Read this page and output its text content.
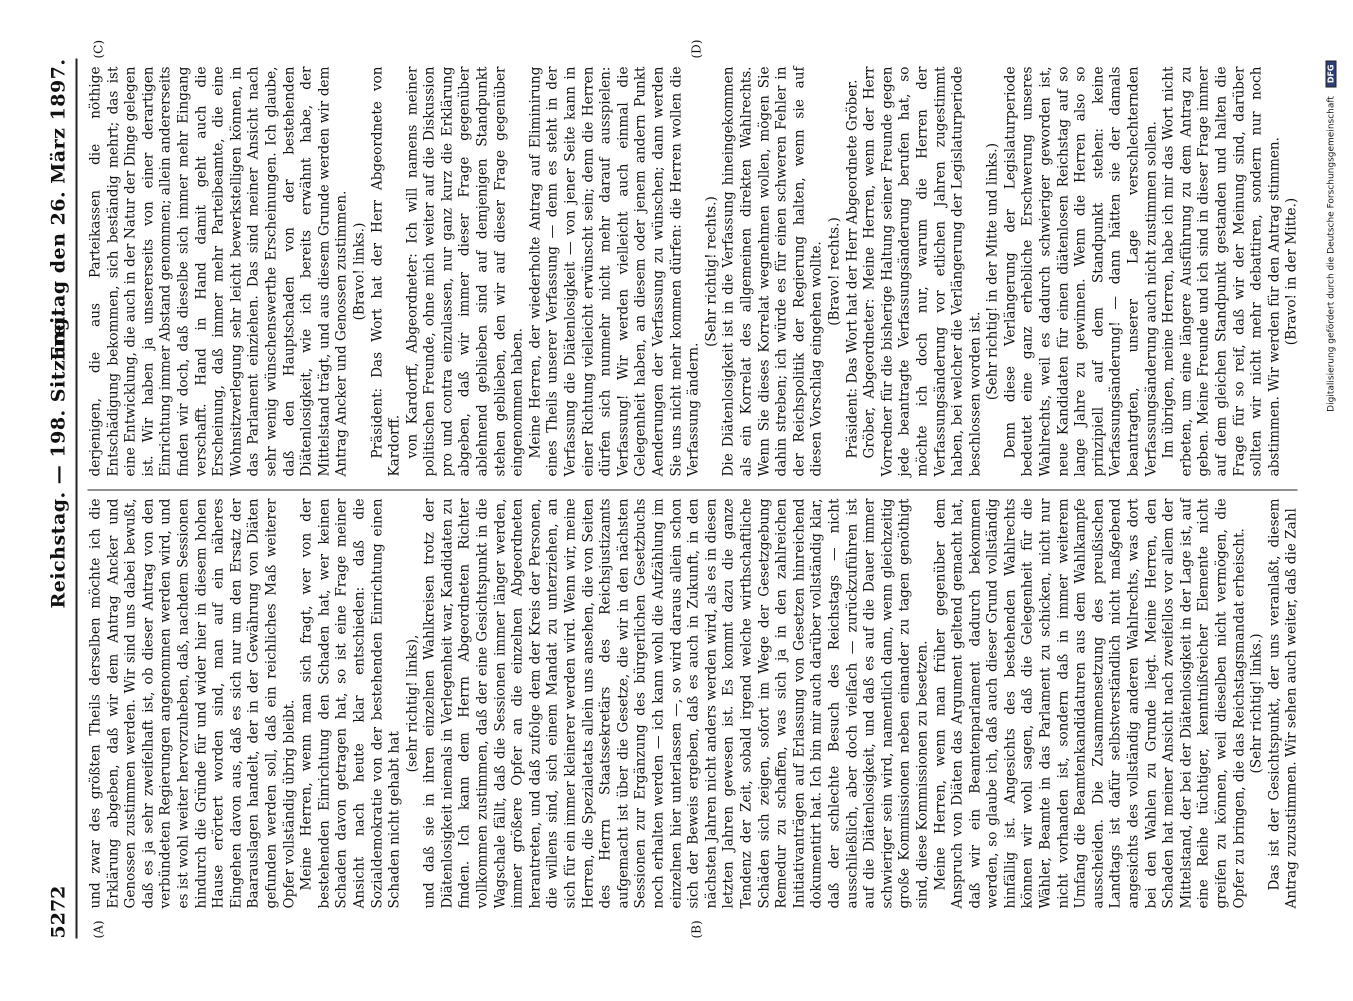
5272
Reichstag. — 198. Sitzung.
Freitag den 26. März 1897.
(A)	(B)
(C)	(D)

und zwar des größten Theils derselben möchte ich die Erklärung abgeben, daß wir dem Antrag Ancker und Genossen zustimmen werden. Wir sind uns dabei bewußt, daß es ja sehr zweifelhaft ist, ob dieser Antrag von den verbündeten Regierungen angenommen werden wird, und es ist wohl weiter hervorzuheben, daß, nachdem Sessionen hindurch die Gründe für und wider hier in diesem hohen Hause erörtert worden sind, man auf ein näheres Eingehen davon aus, daß es sich nur um den Ersatz der Baarauslagen handelt, der in der Gewährung von Diäten gefunden werden soll, daß ein reichliches Maß weiterer Opfer vollständig übrig bleibt. Meine Herren, wenn man sich fragt, wer von der bestehenden Einrichtung den Schaden hat, wer keinen Schaden davon getragen hat, so ist eine Frage meiner Ansicht nach heute klar entschieden: daß die Sozialdemokratie von der bestehenden Einrichtung einen Schaden nicht gehabt hat

(sehr richtig! links), und daß sie in ihren einzelnen Wahlkreisen trotz der Diätenlosigkeit niemals in Verlegenheit war, Kandidaten zu finden. Ich kann dem Herrn Abgeordneten Richter vollkommen zustimmen, daß der eine Gesichtspunkt in die Wagschale fällt, daß die Sessionen immer länger werden, immer größere Opfer an die einzelnen Abgeordneten herantreten, und daß zufolge dem der Kreis der Personen, die willens sind, sich einem Mandat zu unterziehen, an sich für ein immer kleinerer werden wird. Wenn wir, meine Herren, die Spezialetats allein uns ansehen, die von Seiten des Herrn Staatssekretärs des Reichsjustizamts aufgemacht ist über die Gesetze, die wir in den nächsten Sessionen zur Ergänzung des bürgerlichen Gesetzbuchs noch erhalten werden — ich kann wohl die Aufzählung im einzelnen hier unterlassen —, so wird daraus allein schon sich der Beweis ergeben, daß es auch in Zukunft, in den nächsten Jahren nicht anders werden wird, als es in diesen letzten Jahren gewesen ist. Es kommt dazu die ganze Tendenz der Zeit, sobald irgend welche wirthschaftliche Schäden sich zeigen, sofort im Wege der Gesetzgebung Remedur zu schaffen, was sich ja in den zahlreichen Initiativanträgen auf Erlassung von Gesetzen hinreichend dokumentirt hat. Ich bin mir auch darüber vollständig klar, daß der schlechte Besuch des Reichstags — nicht ausschließlich, aber doch vielfach — zurückzuführen ist auf die Diätenlosigkeit, und daß es auf die Dauer immer schwieriger sein wird, namentlich dann, wenn gleichzeitig große Kommissionen neben einander zu tagen genöthigt sind, diese Kommissionen zu besetzen. Meine Herren, wenn man früher gegenüber dem Anspruch von Diäten das Argument geltend gemacht hat, daß wir ein Beamtenparlament dadurch bekommen werden, so glaube ich, daß auch dieser Grund vollständig hinfällig ist. Angesichts des bestehenden Wahlrechts können wir wohl sagen, daß die Gelegenheit für die Wähler, Beamte in das Parlament zu schicken, nicht nur nicht vorhanden ist, sondern daß in immer weiterem Umfang die Beamtenkandidaturen aus dem Wahlkampfe ausscheiden. Die Zusammensetzung des preußischen Landtags ist dafür selbstverständlich nicht maßgebend angesichts des vollständig anderen Wahlrechts, was dort bei den Wahlen zu Grunde liegt. Meine Herren, den Schaden hat meiner Ansicht nach zweifellos vor allem der Mittelstand, der bei der Diätenlosigkeit in der Lage ist, auf eine Reihe tüchtiger, kenntnißreicher Elemente nicht greifen zu können, weil dieselben nicht vermögen, die Opfer zu bringen, die das Reichstagsmandat erheischt. (Sehr richtig! links.) Das ist der Gesichtspunkt, der uns veranlaßt, diesem Antrag zuzustimmen. Wir sehen auch weiter, daß die Zahl

derjenigen, die aus Parteikassen die nöthige Entschädigung bekommen, sich beständig mehrt; das ist eine Entwicklung, die auch in der Natur der Dinge gelegen ist. Wir haben ja unsererseits von einer derartigen Einrichtung immer Abstand genommen; allein andererseits finden wir doch, daß dieselbe sich immer mehr Eingang verschafft. Hand in Hand damit geht auch die Erscheinung, daß immer mehr Parteibeamte, die eine Wohnsitzverlegung sehr leicht bewerkstelligen können, in das Parlament einziehen. Das sind meiner Ansicht nach sehr wenig wünschenswerthe Erscheinungen. Ich glaube, daß den Hauptschaden von der bestehenden Diätenlosigkeit, wie ich bereits erwähnt habe, der Mittelstand trägt, und aus diesem Grunde werden wir dem Antrag Ancker und Genossen zustimmen. (Bravo! links.) Präsident: Das Wort hat der Herr Abgeordnete von Kardorff. von Kardorff, Abgeordneter: Ich will namens meiner politischen Freunde, ohne mich weiter auf die Diskussion pro und contra einzulassen, nur ganz kurz die Erklärung abgeben, daß wir immer dieser Frage gegenüber ablehnend geblieben sind auf demjenigen Standpunkt stehen geblieben, den wir auf dieser Frage gegenüber eingenommen haben. Meine Herren, der wiederholte Antrag auf Eliminirung eines Theils unserer Verfassung — denn es steht in der Verfassung die Diätenlosigkeit — von jener Seite kann in einer Richtung vielleicht erwünscht sein; denn die Herren dürfen sich nunmehr nicht mehr darauf ausspielen: Verfassung! Wir werden vielleicht auch einmal die Gelegenheit haben, an diesem oder jenem andern Punkt Aenderungen der Verfassung zu wünschen; dann werden Sie uns nicht mehr kommen dürfen: die Herren wollen die Verfassung ändern.

(Sehr richtig! rechts.) Die Diätenlosigkeit ist in die Verfassung hineingekommen als ein Korrelat des allgemeinen direkten Wahlrechts. Wenn Sie dieses Korrelat wegnehmen wollen, mögen Sie dahin streben; ich würde es für einen schweren Fehler in der Reichspolitik der Regierung halten, wenn sie auf diesen Vorschlag eingehen wollte. (Bravo! rechts.) Präsident: Das Wort hat der Herr Abgeordnete Gröber. Gröber, Abgeordneter: Meine Herren, wenn der Herr Vorredner für die bisherige Haltung seiner Freunde gegen jede beantragte Verfassungsänderung berufen hat, so möchte ich doch nur, warum die Herren der Verfassungsänderung vor etlichen Jahren zugestimmt haben, bei welcher die Verlängerung der Legislaturperiode beschlossen worden ist. (Sehr richtig! in der Mitte und links.) Denn diese Verlängerung der Legislaturperiode bedeutet eine ganz erhebliche Erschwerung unseres Wahlrechts, weil es dadurch schwieriger geworden ist, neue Kandidaten für einen diätenlosen Reichstag auf so lange Jahre zu gewinnen. Wenn die Herren also so prinzipiell auf dem Standpunkt stehen: keine Verfassungsänderung! — dann hätten sie der damals beantragten, unserer Lage verschlechternden Verfassungsänderung auch nicht zustimmen sollen. Im übrigen, meine Herren, habe ich mir das Wort nicht erbeten, um eine längere Ausführung zu dem Antrag zu geben. Meine Freunde und ich sind in dieser Frage immer auf dem gleichen Standpunkt gestanden und halten die Frage für so reif, daß wir der Meinung sind, darüber sollten wir nicht mehr debattiren, sondern nur noch abstimmen. Wir werden für den Antrag stimmen. (Bravo! in der Mitte.)	Digitalisierung gefördert durch die Deutsche Forschungsgemeinschaft DFG
